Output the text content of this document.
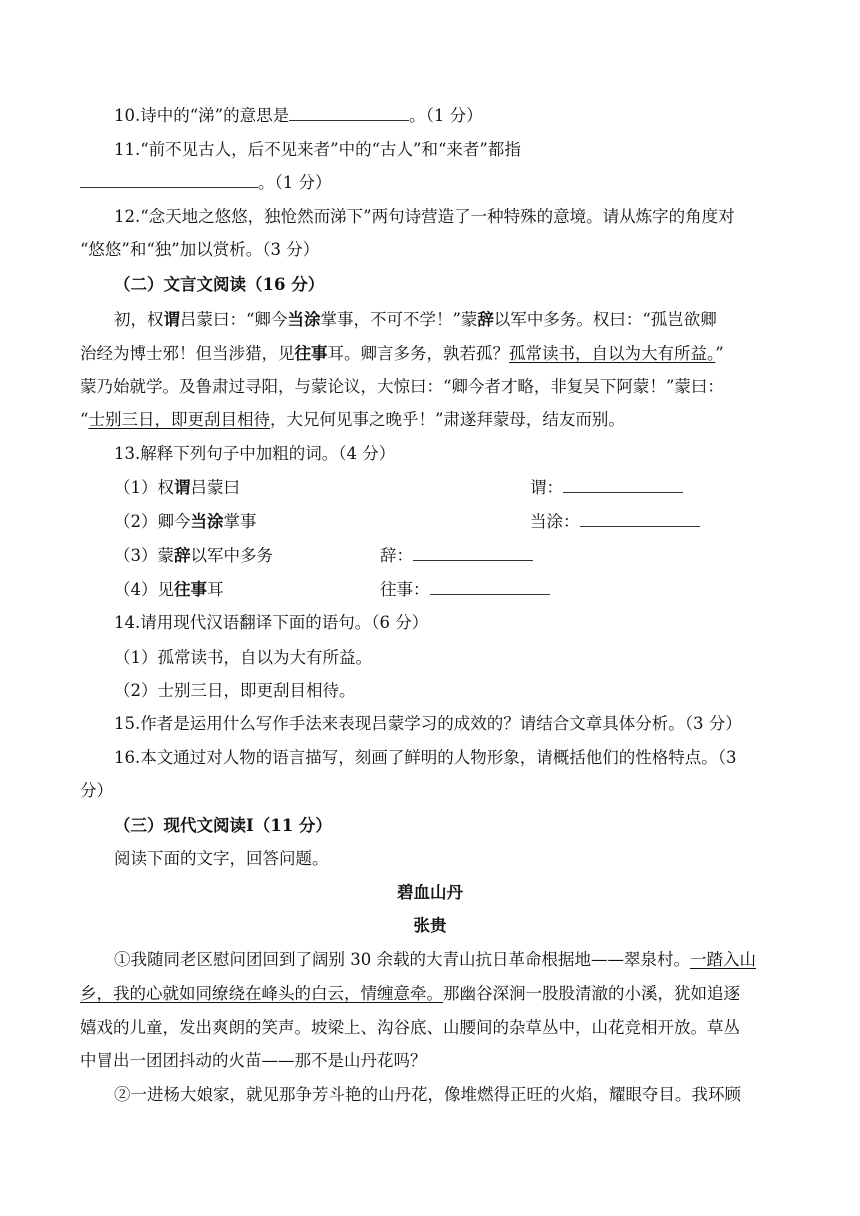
10.诗中的“涕”的意思是	。（1 分）
11.“前不见古人，后不见来者”中的“古人”和“来者”都指
。（1 分）
12.“念天地之悠悠，独怆然而涕下”两句诗营造了一种特殊的意境。请从炼字的角度对
“悠悠”和“独”加以赏析。（3 分）
（二）文言文阅读（16 分）
初，权谓吕蒙曰：“卿今当涂掌事，不可不学！”蒙辞以军中多务。权曰：“孤岂欲卿
治经为博士邪！但当涉猎，见往事耳。卿言多务，孰若孤？孤常读书，自以为大有所益。”
蒙乃始就学。及鲁肃过寻阳，与蒙论议，大惊曰：“卿今者才略，非复吴下阿蒙！”蒙曰：
“士别三日，即更刮目相待，大兄何见事之晚乎！”肃遂拜蒙母，结友而别。
13.解释下列句子中加粗的词。（4 分）
（1）权谓吕蒙曰	谓：
（2）卿今当涂掌事	当涂：
（3）蒙辞以军中多务	辞：
（4）见往事耳	往事：
14.请用现代汉语翻译下面的语句。（6 分）
（1）孤常读书，自以为大有所益。
（2）士别三日，即更刮目相待。
15.作者是运用什么写作手法来表现吕蒙学习的成效的？请结合文章具体分析。（3 分）
16.本文通过对人物的语言描写，刻画了鲜明的人物形象，请概括他们的性格特点。（3
分）
（三）现代文阅读Ⅰ（11 分）
阅读下面的文字，回答问题。
碧血山丹
张贵
①我随同老区慰问团回到了阔别 30 余载的大青山抗日革命根据地——翠泉村。一踏入山
乡，我的心就如同缭绕在峰头的白云，情缠意牵。那幽谷深涧一股股清澈的小溪，犹如追逐
嬉戏的儿童，发出爽朗的笑声。坡梁上、沟谷底、山腰间的杂草丛中，山花竞相开放。草丛
中冒出一团团抖动的火苗——那不是山丹花吗？
②一进杨大娘家，就见那争芳斗艳的山丹花，像堆燃得正旺的火焰，耀眼夺目。我环顾
